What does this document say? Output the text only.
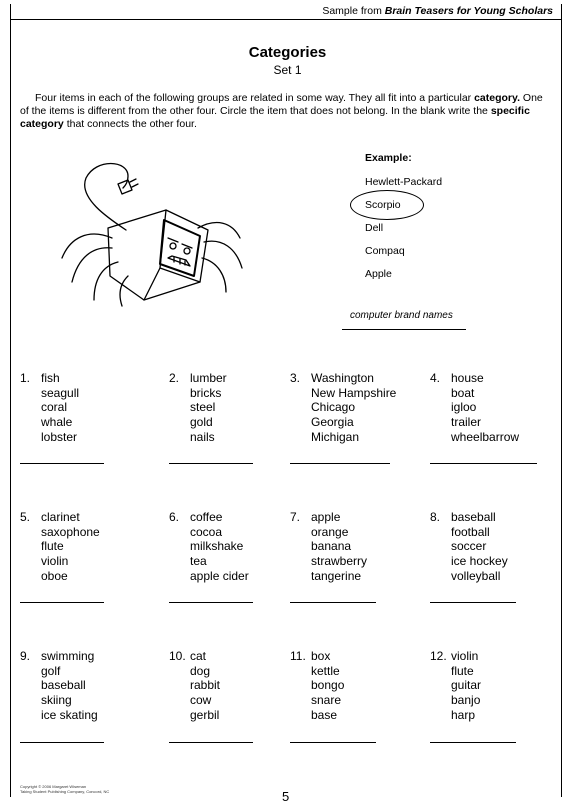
Sample from Brain Teasers for Young Scholars
Categories
Set 1
Four items in each of the following groups are related in some way. They all fit into a particular category. One of the items is different from the other four. Circle the item that does not belong. In the blank write the specific category that connects the other four.
Example:
Hewlett-Packard
Scorpio
Dell
Compaq
Apple
computer brand names
1. fish
seagull
coral
whale
lobster
2. lumber
bricks
steel
gold
nails
3. Washington
New Hampshire
Chicago
Georgia
Michigan
4. house
boat
igloo
trailer
wheelbarrow
5. clarinet
saxophone
flute
violin
oboe
6. coffee
cocoa
milkshake
tea
apple cider
7. apple
orange
banana
strawberry
tangerine
8. baseball
football
soccer
ice hockey
volleyball
9. swimming
golf
baseball
skiing
ice skating
10. cat
dog
rabbit
cow
gerbil
11. box
kettle
bongo
snare
base
12. violin
flute
guitar
banjo
harp
Copyright © 2006 Margaret Wiseman
Taking Student Publishing Company, Concord, NC	5
